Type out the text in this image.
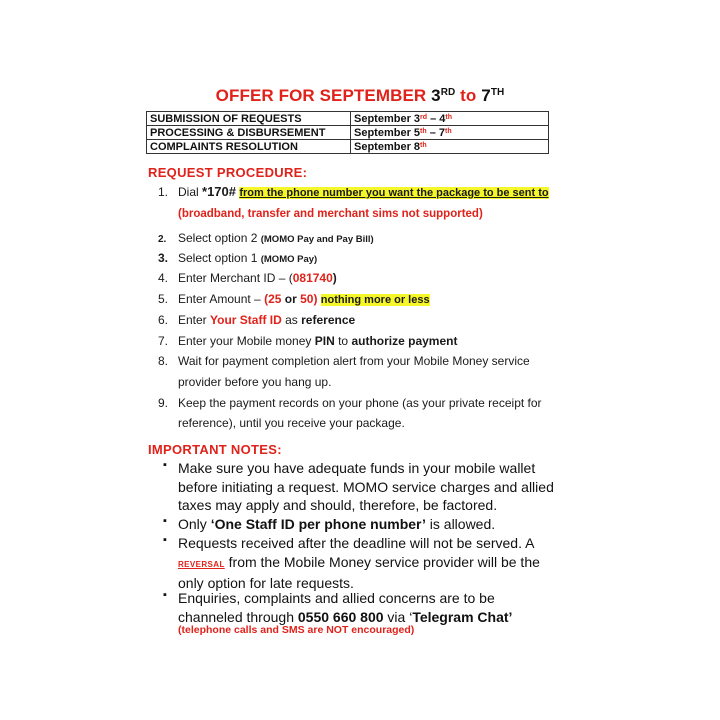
OFFER FOR SEPTEMBER 3RD to 7TH
SUBMISSION OF REQUESTS	September 3rd – 4th
PROCESSING & DISBURSEMENT	September 5th – 7th
COMPLAINTS RESOLUTION	September 8th
REQUEST PROCEDURE:
1. Dial *170# from the phone number you want the package to be sent to
(broadband, transfer and merchant sims not supported)
2. Select option 2 (MOMO Pay and Pay Bill)
3. Select option 1 (MOMO Pay)
4. Enter Merchant ID – (081740)
5. Enter Amount – (25 or 50) nothing more or less
6. Enter Your Staff ID as reference
7. Enter your Mobile money PIN to authorize payment
8. Wait for payment completion alert from your Mobile Money service
provider before you hang up.
9. Keep the payment records on your phone (as your private receipt for
reference), until you receive your package.
IMPORTANT NOTES:
▪ Make sure you have adequate funds in your mobile wallet before initiating a request. MOMO service charges and allied taxes may apply and should, therefore, be factored.
▪ Only ‘One Staff ID per phone number’ is allowed.
▪ Requests received after the deadline will not be served. A REVERSAL from the Mobile Money service provider will be the only option for late requests.
▪ Enquiries, complaints and allied concerns are to be channeled through 0550 660 800 via ‘Telegram Chat’
(telephone calls and SMS are NOT encouraged)
